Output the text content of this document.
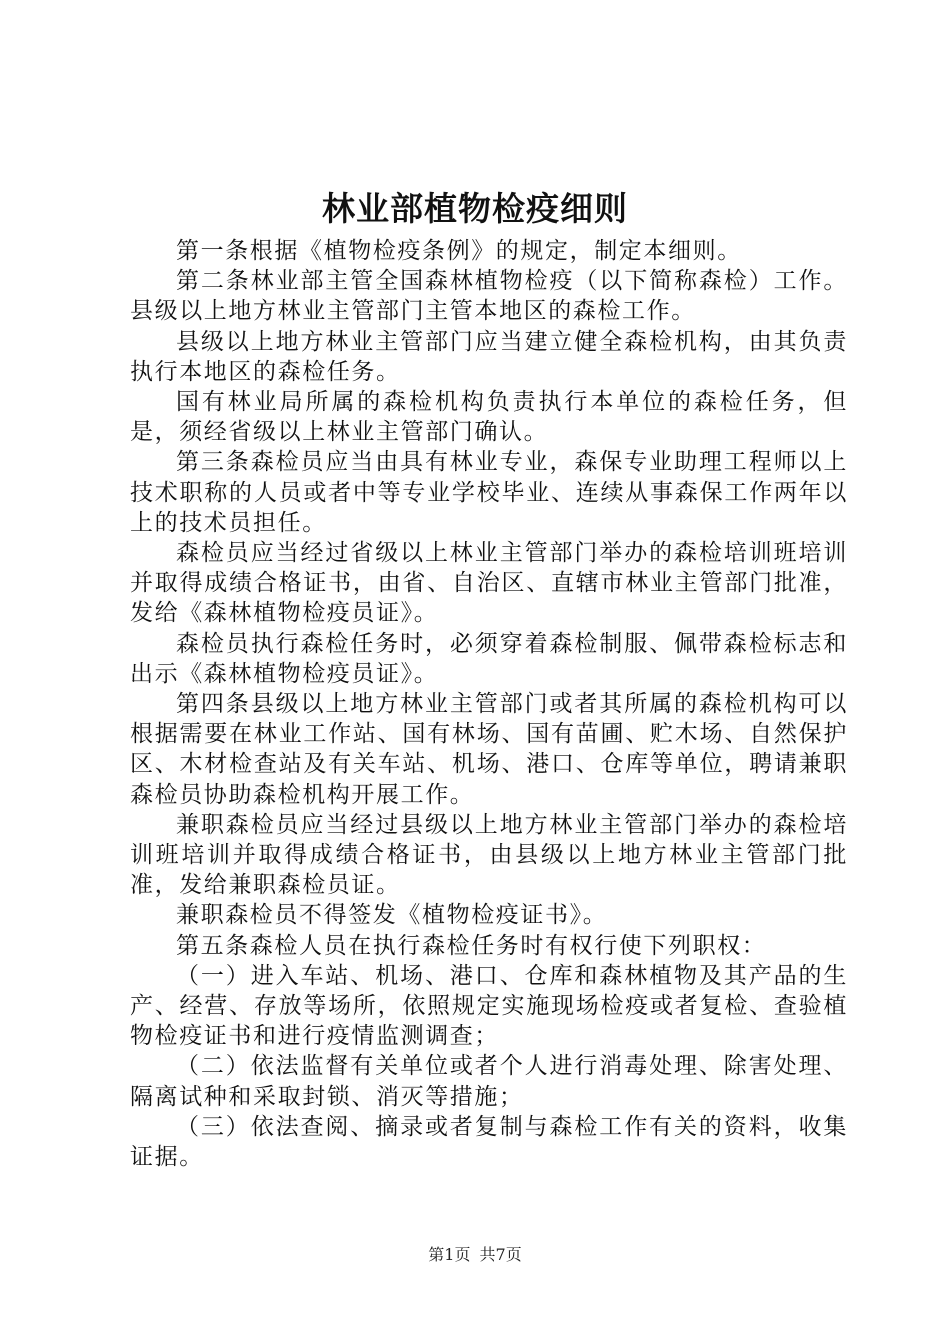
林业部植物检疫细则

第一条根据《植物检疫条例》的规定，制定本细则。

第二条林业部主管全国森林植物检疫（以下简称森检）工作。县级以上地方林业主管部门主管本地区的森检工作。

县级以上地方林业主管部门应当建立健全森检机构，由其负责执行本地区的森检任务。

国有林业局所属的森检机构负责执行本单位的森检任务，但是，须经省级以上林业主管部门确认。

第三条森检员应当由具有林业专业，森保专业助理工程师以上技术职称的人员或者中等专业学校毕业、连续从事森保工作两年以上的技术员担任。

森检员应当经过省级以上林业主管部门举办的森检培训班培训并取得成绩合格证书，由省、自治区、直辖市林业主管部门批准，发给《森林植物检疫员证》。

森检员执行森检任务时，必须穿着森检制服、佩带森检标志和出示《森林植物检疫员证》。

第四条县级以上地方林业主管部门或者其所属的森检机构可以根据需要在林业工作站、国有林场、国有苗圃、贮木场、自然保护区、木材检查站及有关车站、机场、港口、仓库等单位，聘请兼职森检员协助森检机构开展工作。

兼职森检员应当经过县级以上地方林业主管部门举办的森检培训班培训并取得成绩合格证书，由县级以上地方林业主管部门批准，发给兼职森检员证。

兼职森检员不得签发《植物检疫证书》。

第五条森检人员在执行森检任务时有权行使下列职权：

（一）进入车站、机场、港口、仓库和森林植物及其产品的生产、经营、存放等场所，依照规定实施现场检疫或者复检、查验植物检疫证书和进行疫情监测调查；

（二）依法监督有关单位或者个人进行消毒处理、除害处理、隔离试种和采取封锁、消灭等措施；

（三）依法查阅、摘录或者复制与森检工作有关的资料，收集证据。

第1页 共7页
